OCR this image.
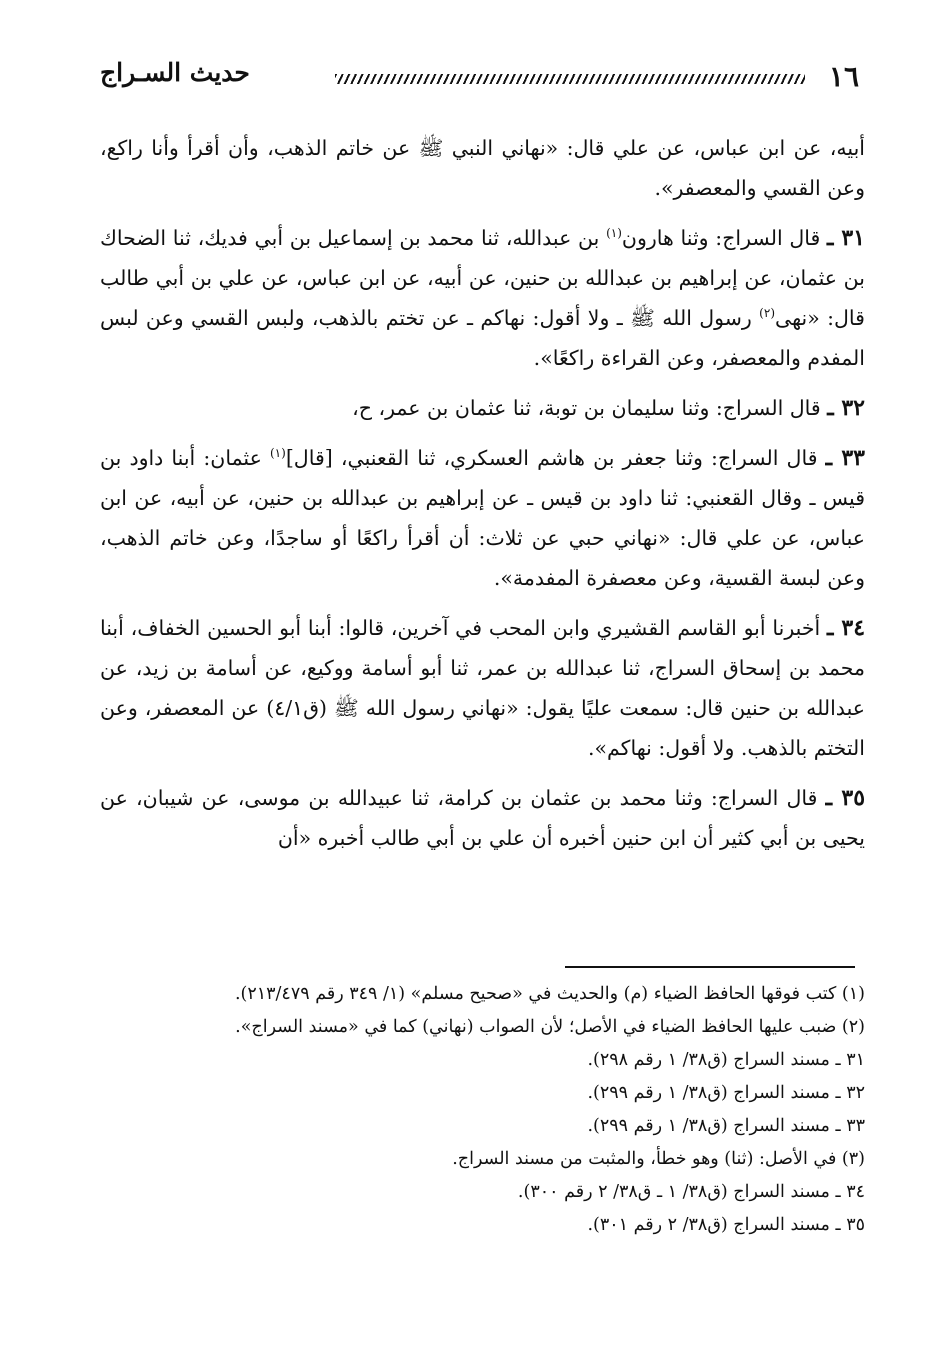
١٦
حديث السـراج

أبيه، عن ابن عباس، عن علي قال: «نهاني النبي ﷺ عن خاتم الذهب، وأن أقرأ وأنا راكع، وعن القسي والمعصفر».

٣١ ـ قال السراج: وثنا هارون$^{(١)}$ بن عبدالله، ثنا محمد بن إسماعيل بن أبي فديك، ثنا الضحاك بن عثمان، عن إبراهيم بن عبدالله بن حنين، عن أبيه، عن ابن عباس، عن علي بن أبي طالب قال: «نهى$^{(٢)}$ رسول الله ﷺ ـ ولا أقول: نهاكم ـ عن تختم بالذهب، ولبس القسي وعن لبس المفدم والمعصفر، وعن القراءة راكعًا».

٣٢ ـ قال السراج: وثنا سليمان بن توبة، ثنا عثمان بن عمر، ح،

٣٣ ـ قال السراج: وثنا جعفر بن هاشم العسكري، ثنا القعنبي، [قال]$^{(١)}$ عثمان: أبنا داود بن قيس ـ وقال القعنبي: ثنا داود بن قيس ـ عن إبراهيم بن عبدالله بن حنين، عن أبيه، عن ابن عباس، عن علي قال: «نهاني حبي عن ثلاث: أن أقرأ راكعًا أو ساجدًا، وعن خاتم الذهب، وعن لبسة القسية، وعن معصفرة المفدمة».

٣٤ ـ أخبرنا أبو القاسم القشيري وابن المحب في آخرين، قالوا: أبنا أبو الحسين الخفاف، أبنا محمد بن إسحاق السراج، ثنا عبدالله بن عمر، ثنا أبو أسامة ووكيع، عن أسامة بن زيد، عن عبدالله بن حنين قال: سمعت عليًا يقول: «نهاني رسول الله ﷺ (ق٤/١) عن المعصفر، وعن التختم بالذهب. ولا أقول: نهاكم».

٣٥ ـ قال السراج: وثنا محمد بن عثمان بن كرامة، ثنا عبيدالله بن موسى، عن شيبان، عن يحيى بن أبي كثير أن ابن حنين أخبره أن علي بن أبي طالب أخبره «أن

(١) كتب فوقها الحافظ الضياء (م) والحديث في «صحيح مسلم» (١/ ٣٤٩ رقم ٢١٣/٤٧٩).

(٢) ضبب عليها الحافظ الضياء في الأصل؛ لأن الصواب (نهاني) كما في «مسند السراج».

٣١ ـ مسند السراج (ق٣٨/ ١ رقم ٢٩٨).

٣٢ ـ مسند السراج (ق٣٨/ ١ رقم ٢٩٩).

٣٣ ـ مسند السراج (ق٣٨/ ١ رقم ٢٩٩).

(٣) في الأصل: (ثنا) وهو خطأ، والمثبت من مسند السراج.

٣٤ ـ مسند السراج (ق٣٨/ ١ ـ ق٣٨/ ٢ رقم ٣٠٠).

٣٥ ـ مسند السراج (ق٣٨/ ٢ رقم ٣٠١).
